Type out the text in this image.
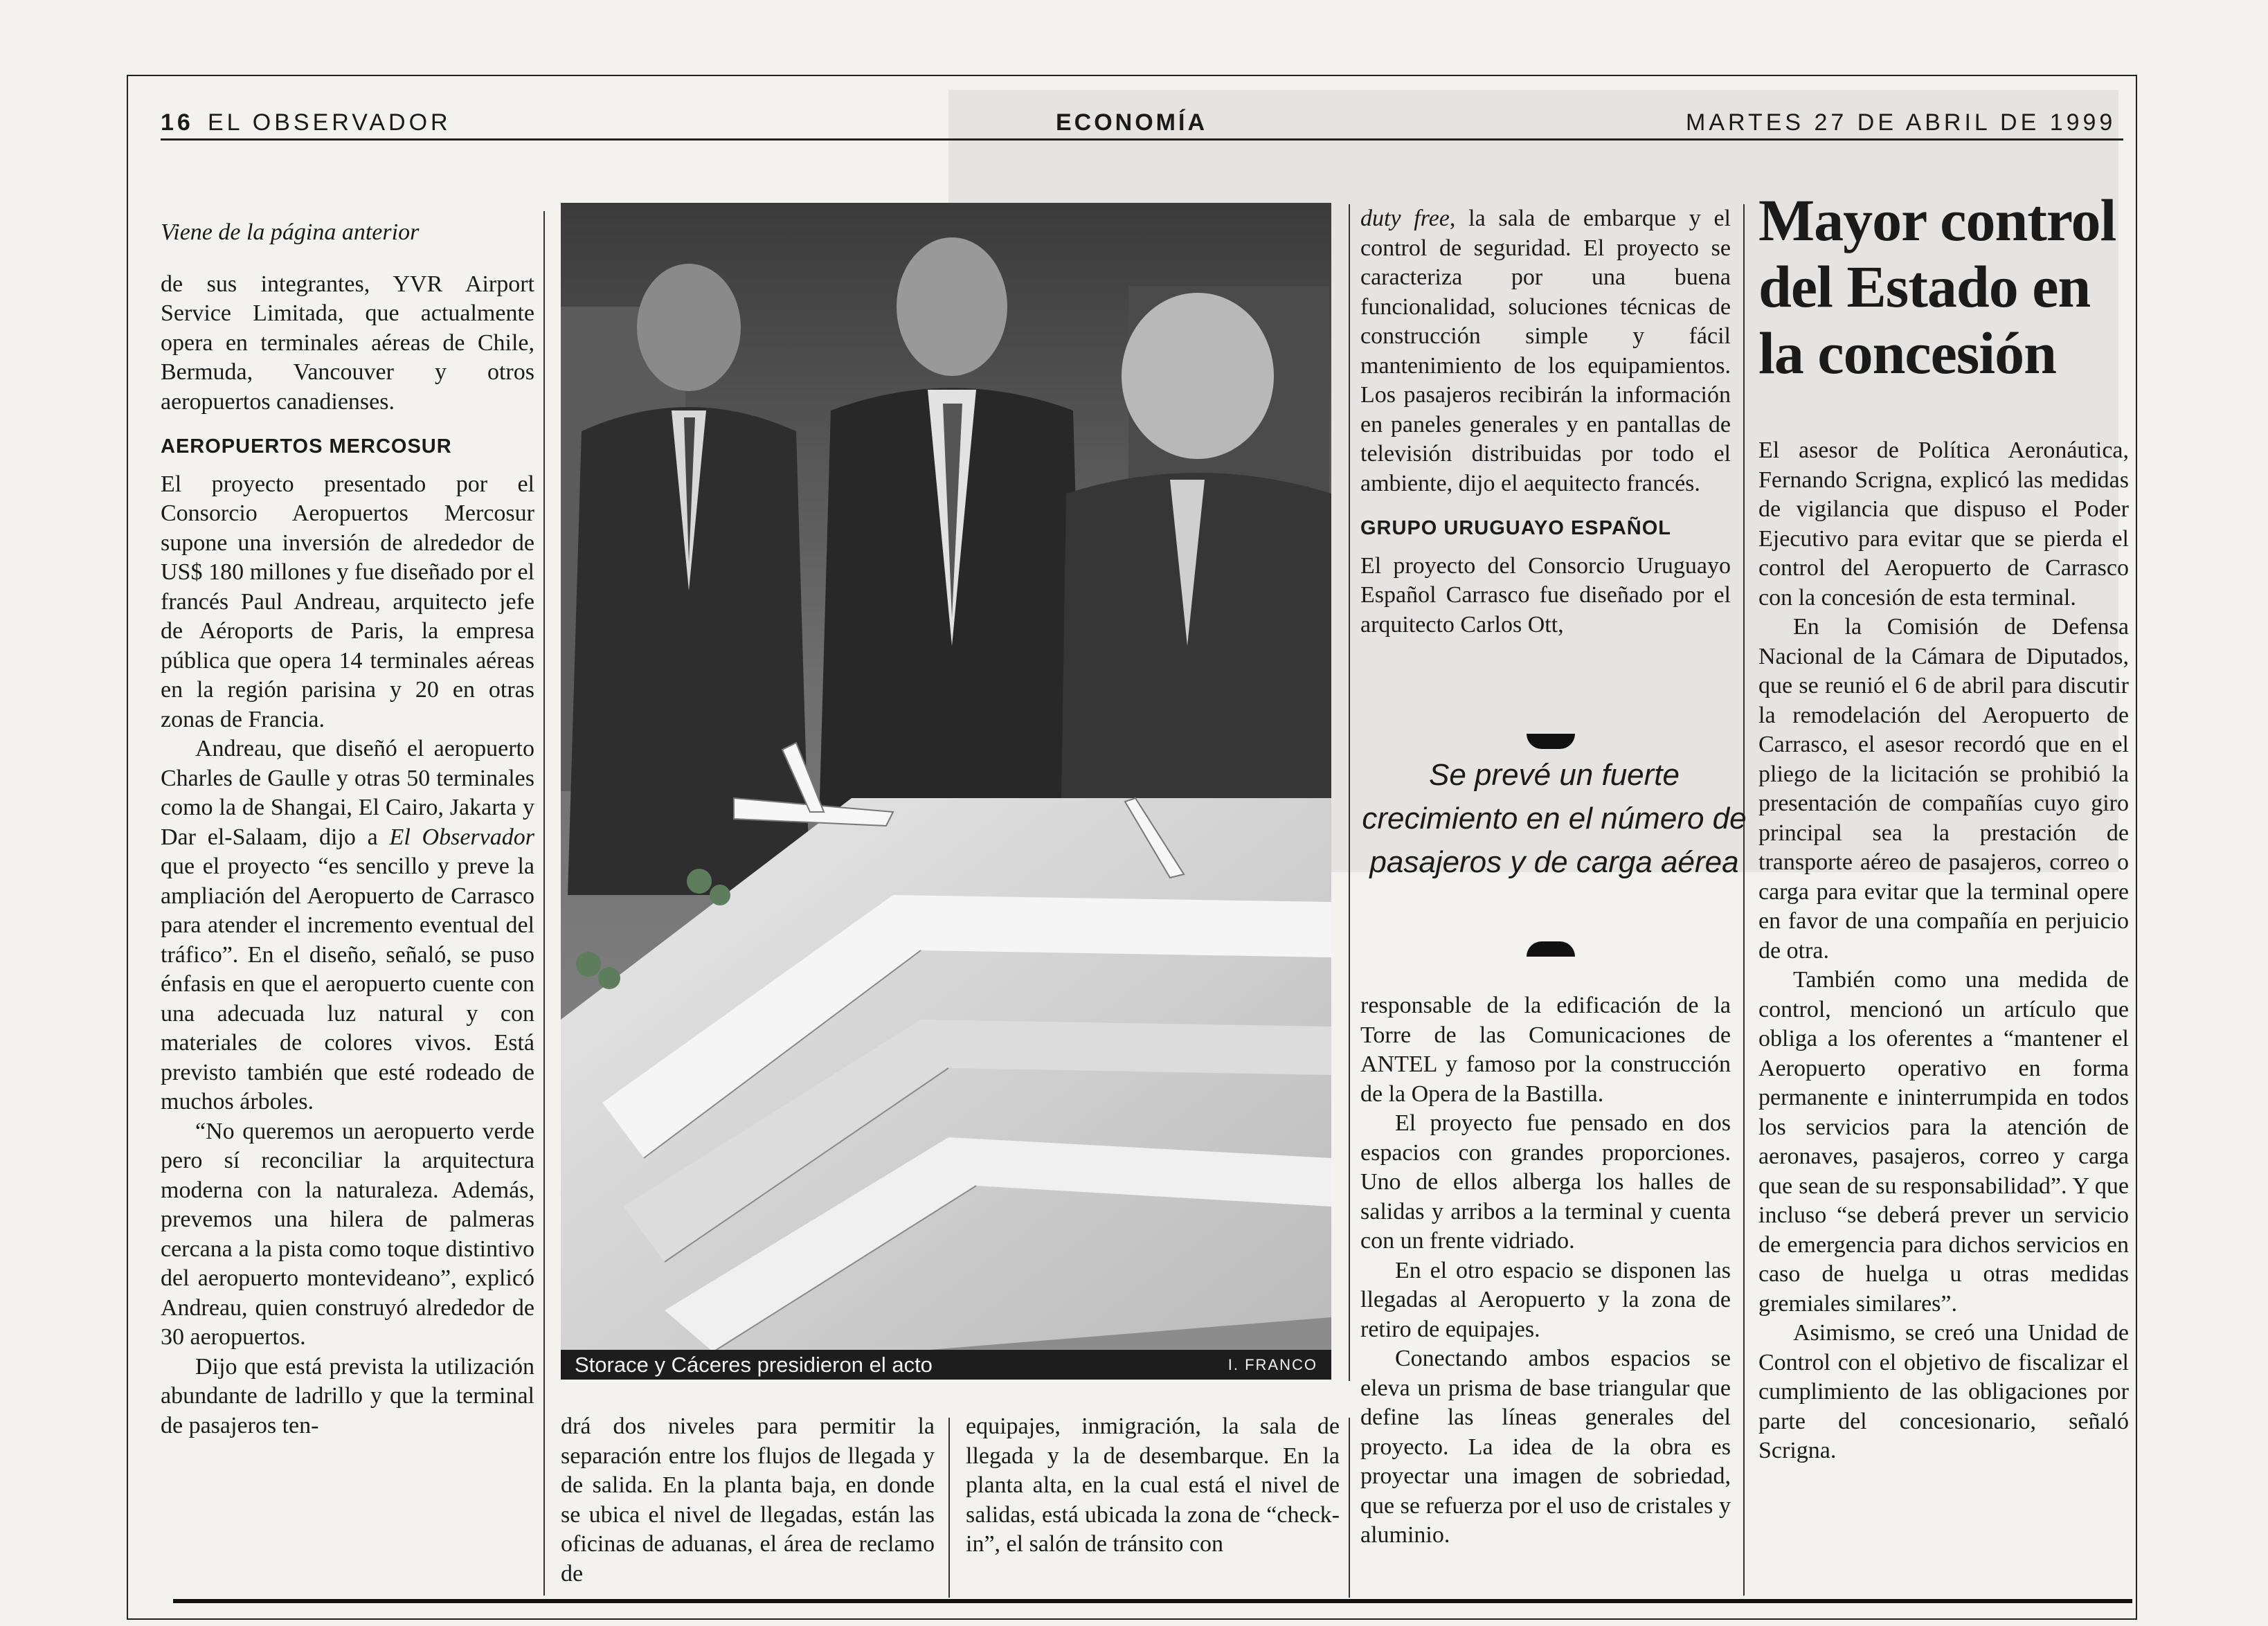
16 EL OBSERVADOR	ECONOMÍA	MARTES 27 DE ABRIL DE 1999

Viene de la página anterior

de sus integrantes, YVR Airport Service Limitada, que actualmente opera en terminales aéreas de Chile, Bermuda, Vancouver y otros aeropuertos canadienses.

AEROPUERTOS MERCOSUR

El proyecto presentado por el Consorcio Aeropuertos Mercosur supone una inversión de alrededor de US$ 180 millones y fue diseñado por el francés Paul Andreau, arquitecto jefe de Aéroports de Paris, la empresa pública que opera 14 terminales aéreas en la región parisina y 20 en otras zonas de Francia.

Andreau, que diseñó el aeropuerto Charles de Gaulle y otras 50 terminales como la de Shangai, El Cairo, Jakarta y Dar el-Salaam, dijo a El Observador que el proyecto “es sencillo y preve la ampliación del Aeropuerto de Carrasco para atender el incremento eventual del tráfico”. En el diseño, señaló, se puso énfasis en que el aeropuerto cuente con una adecuada luz natural y con materiales de colores vivos. Está previsto también que esté rodeado de muchos árboles.

“No queremos un aeropuerto verde pero sí reconciliar la arquitectura moderna con la naturaleza. Además, prevemos una hilera de palmeras cercana a la pista como toque distintivo del aeropuerto montevideano”, explicó Andreau, quien construyó alrededor de 30 aeropuertos.

Dijo que está prevista la utilización abundante de ladrillo y que la terminal de pasajeros ten-

Storace y Cáceres presidieron el acto	I. FRANCO

drá dos niveles para permitir la separación entre los flujos de llegada y de salida. En la planta baja, en donde se ubica el nivel de llegadas, están las oficinas de aduanas, el área de reclamo de

equipajes, inmigración, la sala de llegada y la de desembarque. En la planta alta, en la cual está el nivel de salidas, está ubicada la zona de “check-in”, el salón de tránsito con

duty free, la sala de embarque y el control de seguridad. El proyecto se caracteriza por una buena funcionalidad, soluciones técnicas de construcción simple y fácil mantenimiento de los equipamientos. Los pasajeros recibirán la información en paneles generales y en pantallas de televisión distribuidas por todo el ambiente, dijo el aequitecto francés.

GRUPO URUGUAYO ESPAÑOL

El proyecto del Consorcio Uruguayo Español Carrasco fue diseñado por el arquitecto Carlos Ott,

Se prevé un fuerte crecimiento en el número de pasajeros y de carga aérea

responsable de la edificación de la Torre de las Comunicaciones de ANTEL y famoso por la construcción de la Opera de la Bastilla.

El proyecto fue pensado en dos espacios con grandes proporciones. Uno de ellos alberga los halles de salidas y arribos a la terminal y cuenta con un frente vidriado.

En el otro espacio se disponen las llegadas al Aeropuerto y la zona de retiro de equipajes.

Conectando ambos espacios se eleva un prisma de base triangular que define las líneas generales del proyecto. La idea de la obra es proyectar una imagen de sobriedad, que se refuerza por el uso de cristales y aluminio.

Mayor control del Estado en la concesión

El asesor de Política Aeronáutica, Fernando Scrigna, explicó las medidas de vigilancia que dispuso el Poder Ejecutivo para evitar que se pierda el control del Aeropuerto de Carrasco con la concesión de esta terminal.

En la Comisión de Defensa Nacional de la Cámara de Diputados, que se reunió el 6 de abril para discutir la remodelación del Aeropuerto de Carrasco, el asesor recordó que en el pliego de la licitación se prohibió la presentación de compañías cuyo giro principal sea la prestación de transporte aéreo de pasajeros, correo o carga para evitar que la terminal opere en favor de una compañía en perjuicio de otra.

También como una medida de control, mencionó un artículo que obliga a los oferentes a “mantener el Aeropuerto operativo en forma permanente e ininterrumpida en todos los servicios para la atención de aeronaves, pasajeros, correo y carga que sean de su responsabilidad”. Y que incluso “se deberá prever un servicio de emergencia para dichos servicios en caso de huelga u otras medidas gremiales similares”.

Asimismo, se creó una Unidad de Control con el objetivo de fiscalizar el cumplimiento de las obligaciones por parte del concesionario, señaló Scrigna.
